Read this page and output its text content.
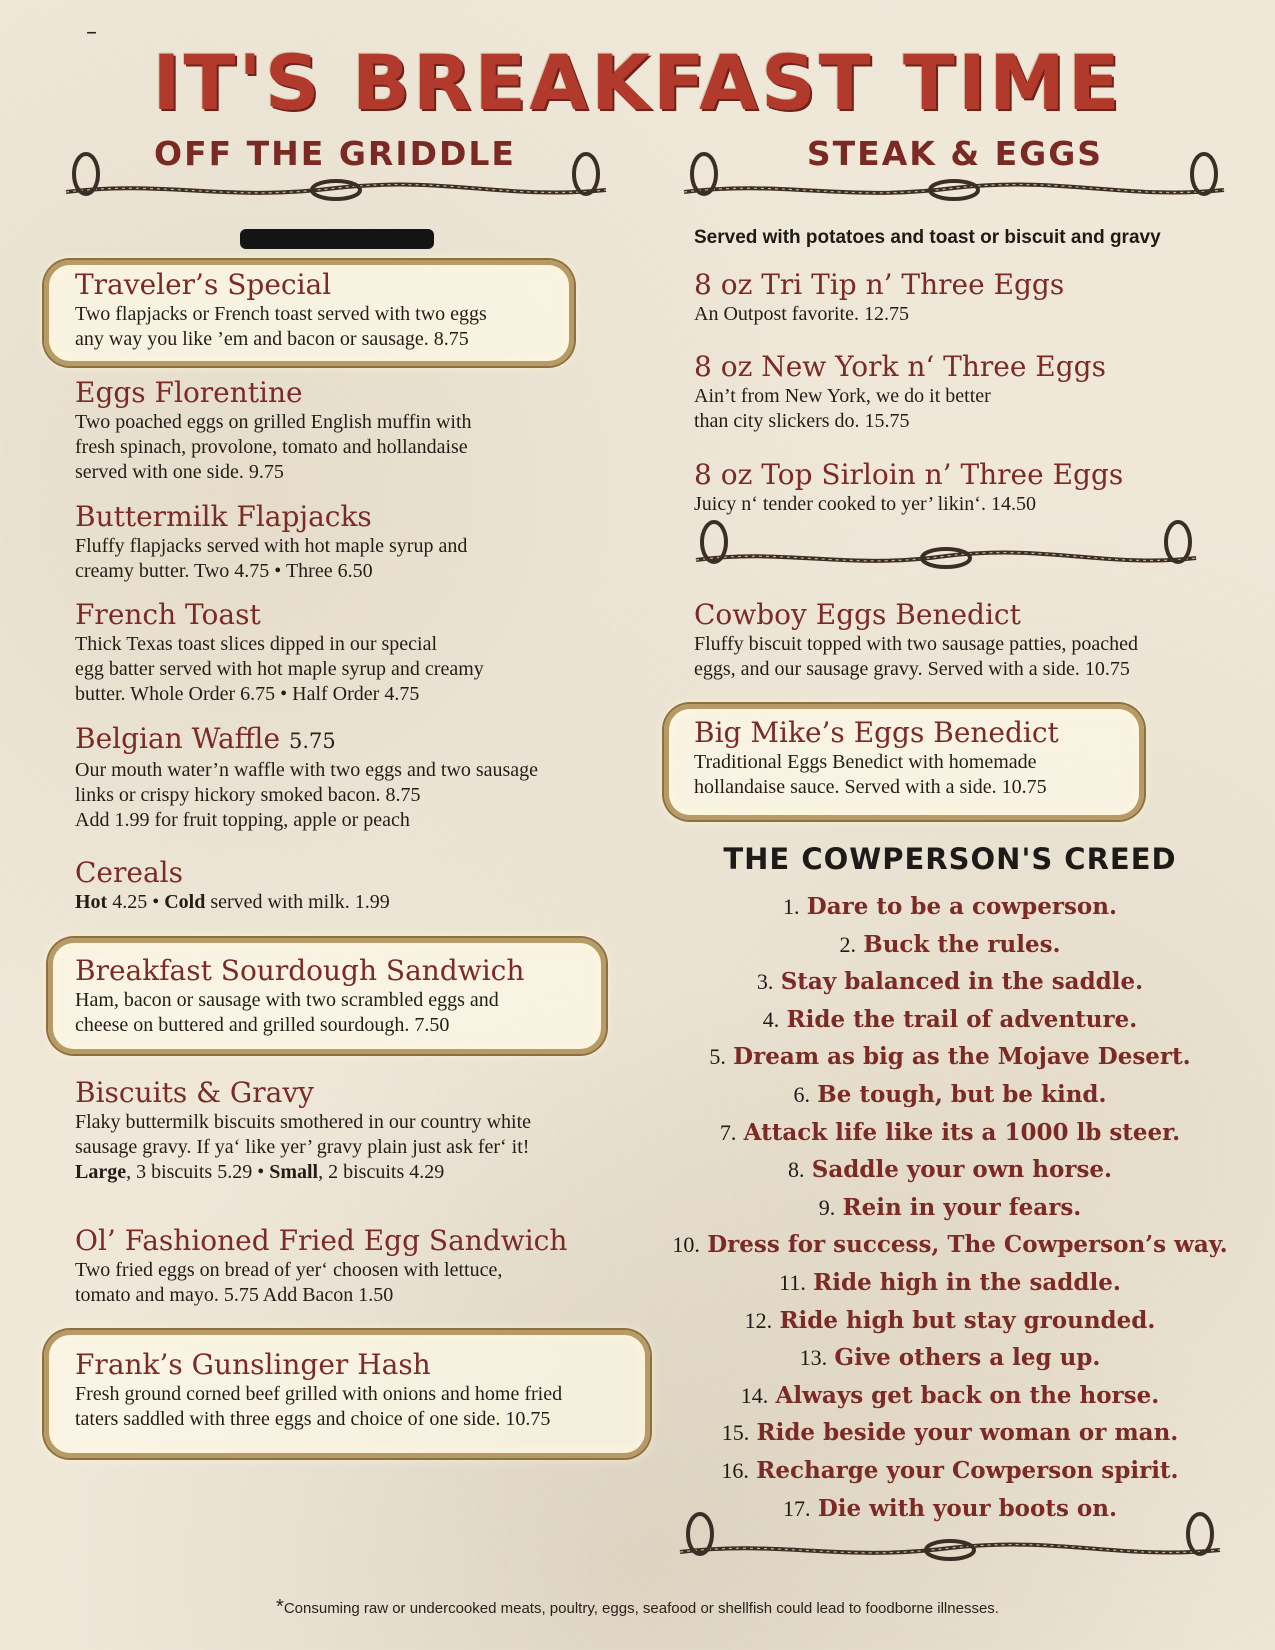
–
IT'S BREAKFAST TIME
OFF THE GRIDDLE	STEAK & EGGS
Served with potatoes and toast or biscuit and gravy
Traveler’s Special
Two flapjacks or French toast served with two eggs
any way you like ’em and bacon or sausage. 8.75
Eggs Florentine
Two poached eggs on grilled English muffin with
fresh spinach, provolone, tomato and hollandaise
served with one side. 9.75
Buttermilk Flapjacks
Fluffy flapjacks served with hot maple syrup and
creamy butter. Two 4.75 • Three 6.50
French Toast
Thick Texas toast slices dipped in our special
egg batter served with hot maple syrup and creamy
butter. Whole Order 6.75 • Half Order 4.75
Belgian Waffle 5.75
Our mouth water’n waffle with two eggs and two sausage
links or crispy hickory smoked bacon. 8.75
Add 1.99 for fruit topping, apple or peach
Cereals
Hot 4.25 • Cold served with milk. 1.99
Breakfast Sourdough Sandwich
Ham, bacon or sausage with two scrambled eggs and
cheese on buttered and grilled sourdough. 7.50
Biscuits & Gravy
Flaky buttermilk biscuits smothered in our country white
sausage gravy. If ya‘ like yer’ gravy plain just ask fer‘ it!
Large, 3 biscuits 5.29 • Small, 2 biscuits 4.29
Ol’ Fashioned Fried Egg Sandwich
Two fried eggs on bread of yer‘ choosen with lettuce,
tomato and mayo. 5.75 Add Bacon 1.50
Frank’s Gunslinger Hash
Fresh ground corned beef grilled with onions and home fried
taters saddled with three eggs and choice of one side. 10.75
8 oz Tri Tip n’ Three Eggs
An Outpost favorite. 12.75
8 oz New York n‘ Three Eggs
Ain’t from New York, we do it better
than city slickers do. 15.75
8 oz Top Sirloin n’ Three Eggs
Juicy n‘ tender cooked to yer’ likin‘. 14.50
Cowboy Eggs Benedict
Fluffy biscuit topped with two sausage patties, poached
eggs, and our sausage gravy. Served with a side. 10.75
Big Mike’s Eggs Benedict
Traditional Eggs Benedict with homemade
hollandaise sauce. Served with a side. 10.75
THE COWPERSON'S CREED
1. Dare to be a cowperson.
2. Buck the rules.
3. Stay balanced in the saddle.
4. Ride the trail of adventure.
5. Dream as big as the Mojave Desert.
6. Be tough, but be kind.
7. Attack life like its a 1000 lb steer.
8. Saddle your own horse.
9. Rein in your fears.
10. Dress for success, The Cowperson’s way.
11. Ride high in the saddle.
12. Ride high but stay grounded.
13. Give others a leg up.
14. Always get back on the horse.
15. Ride beside your woman or man.
16. Recharge your Cowperson spirit.
17. Die with your boots on.
*Consuming raw or undercooked meats, poultry, eggs, seafood or shellfish could lead to foodborne illnesses.
